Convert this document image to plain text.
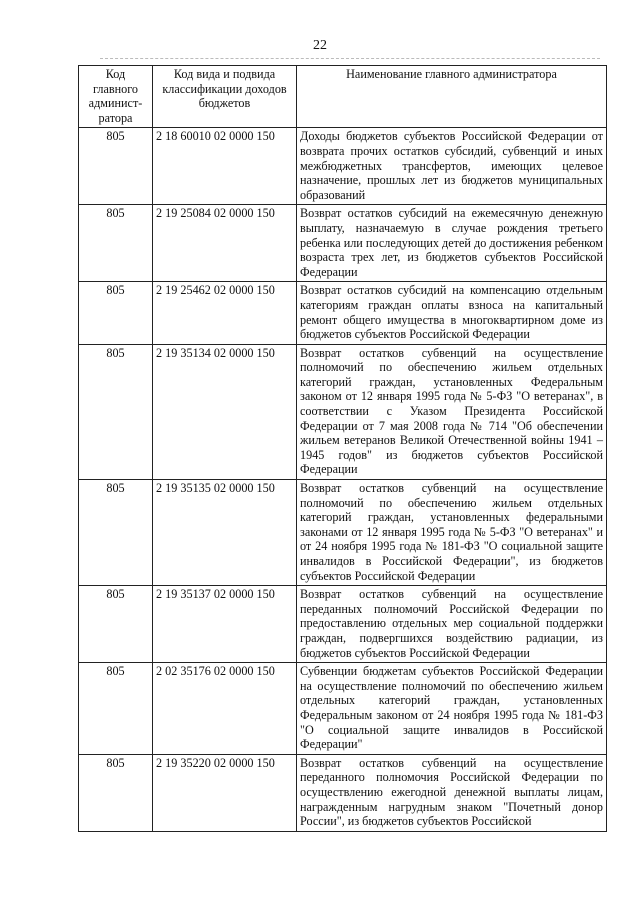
22
Код главного админист-ратора	Код вида и подвида классификации доходов бюджетов	Наименование главного администратора
805	2 18 60010 02 0000 150	Доходы бюджетов субъектов Российской Федерации от возврата прочих остатков субсидий, субвенций и иных межбюджетных трансфертов, имеющих целевое назначение, прошлых лет из бюджетов муниципальных образований
805	2 19 25084 02 0000 150	Возврат остатков субсидий на ежемесячную денежную выплату, назначаемую в случае рождения третьего ребенка или последующих детей до достижения ребенком возраста трех лет, из бюджетов субъектов Российской Федерации
805	2 19 25462 02 0000 150	Возврат остатков субсидий на компенсацию отдельным категориям граждан оплаты взноса на капитальный ремонт общего имущества в многоквартирном доме из бюджетов субъектов Российской Федерации
805	2 19 35134 02 0000 150	Возврат остатков субвенций на осуществление полномочий по обеспечению жильем отдельных категорий граждан, установленных Федеральным законом от 12 января 1995 года № 5-ФЗ "О ветеранах", в соответствии с Указом Президента Российской Федерации от 7 мая 2008 года № 714 "Об обеспечении жильем ветеранов Великой Отечественной войны 1941 – 1945 годов" из бюджетов субъектов Российской Федерации
805	2 19 35135 02 0000 150	Возврат остатков субвенций на осуществление полномочий по обеспечению жильем отдельных категорий граждан, установленных федеральными законами от 12 января 1995 года № 5-ФЗ "О ветеранах" и от 24 ноября 1995 года № 181-ФЗ "О социальной защите инвалидов в Российской Федерации", из бюджетов субъектов Российской Федерации
805	2 19 35137 02 0000 150	Возврат остатков субвенций на осуществление переданных полномочий Российской Федерации по предоставлению отдельных мер социальной поддержки граждан, подвергшихся воздействию радиации, из бюджетов субъектов Российской Федерации
805	2 02 35176 02 0000 150	Субвенции бюджетам субъектов Российской Федерации на осуществление полномочий по обеспечению жильем отдельных категорий граждан, установленных Федеральным законом от 24 ноября 1995 года № 181-ФЗ "О социальной защите инвалидов в Российской Федерации"
805	2 19 35220 02 0000 150	Возврат остатков субвенций на осуществление переданного полномочия Российской Федерации по осуществлению ежегодной денежной выплаты лицам, награжденным нагрудным знаком "Почетный донор России", из бюджетов субъектов Российской
